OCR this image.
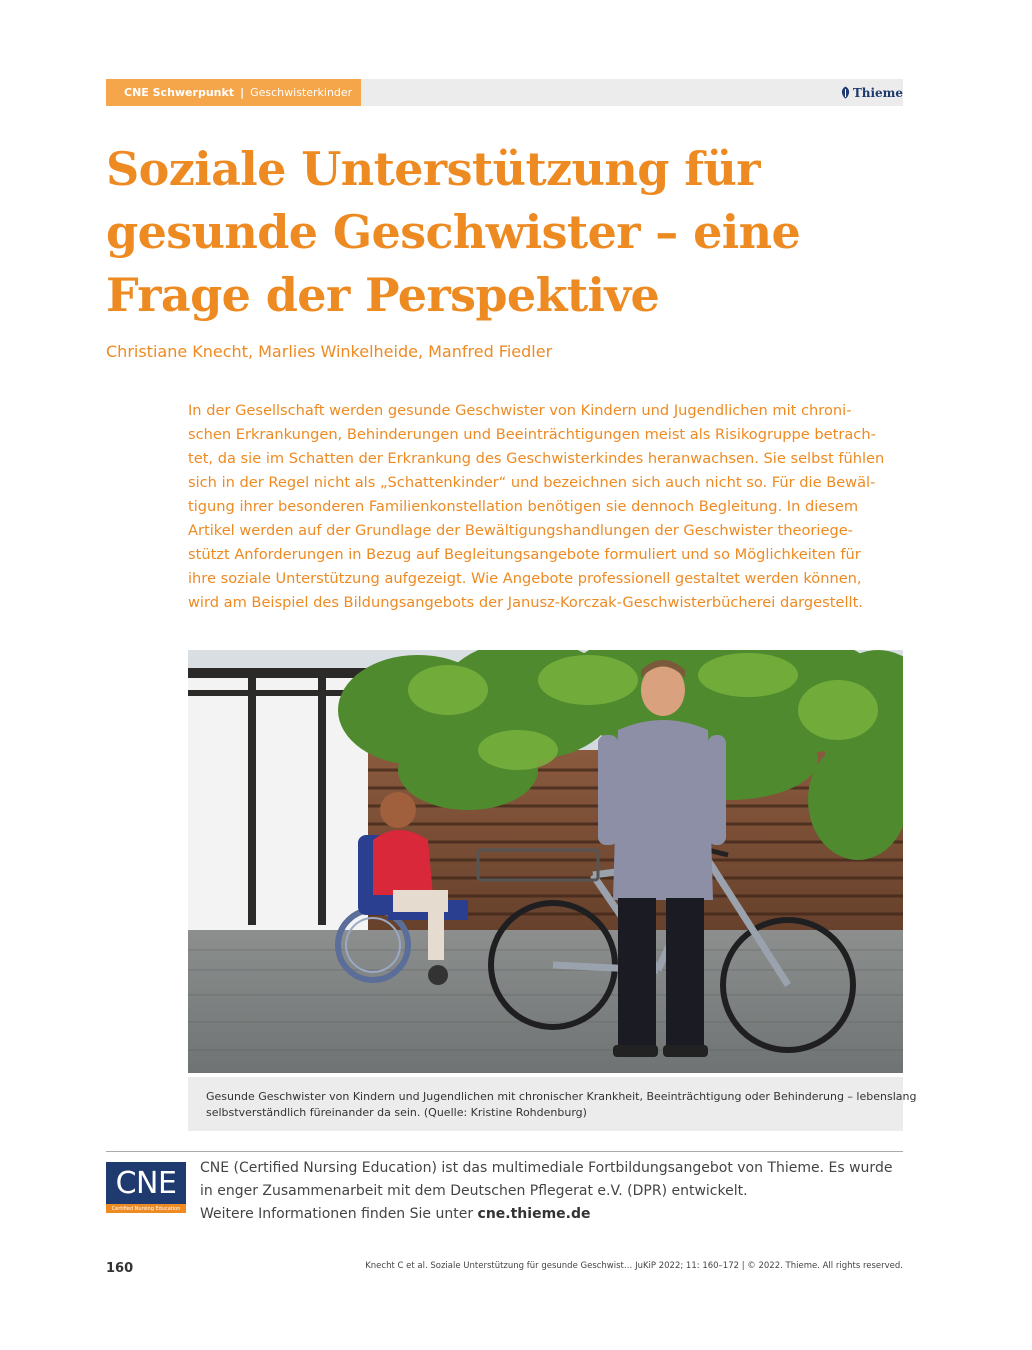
CNE Schwerpunkt | Geschwisterkinder	Thieme
Soziale Unterstützung für
gesunde Geschwister – eine
Frage der Perspektive
Christiane Knecht, Marlies Winkelheide, Manfred Fiedler
In der Gesellschaft werden gesunde Geschwister von Kindern und Jugendlichen mit chroni-
schen Erkrankungen, Behinderungen und Beeinträchtigungen meist als Risikogruppe betrach-
tet, da sie im Schatten der Erkrankung des Geschwisterkindes heranwachsen. Sie selbst fühlen
sich in der Regel nicht als „Schattenkinder“ und bezeichnen sich auch nicht so. Für die Bewäl-
tigung ihrer besonderen Familienkonstellation benötigen sie dennoch Begleitung. In diesem
Artikel werden auf der Grundlage der Bewältigungshandlungen der Geschwister theoriege-
stützt Anforderungen in Bezug auf Begleitungsangebote formuliert und so Möglichkeiten für
ihre soziale Unterstützung aufgezeigt. Wie Angebote professionell gestaltet werden können,
wird am Beispiel des Bildungsangebots der Janusz-Korczak-Geschwisterbücherei dargestellt.
Gesunde Geschwister von Kindern und Jugendlichen mit chronischer Krankheit, Beeinträchtigung oder Behinderung – lebenslang
selbstverständlich füreinander da sein. (Quelle: Kristine Rohdenburg)
CNE
Certified Nursing Education
CNE (Certified Nursing Education) ist das multimediale Fortbildungsangebot von Thieme. Es wurde
in enger Zusammenarbeit mit dem Deutschen Pflegerat e.V. (DPR) entwickelt.
Weitere Informationen finden Sie unter cne.thieme.de
160	Knecht C et al. Soziale Unterstützung für gesunde Geschwist… JuKiP 2022; 11: 160–172 | © 2022. Thieme. All rights reserved.
